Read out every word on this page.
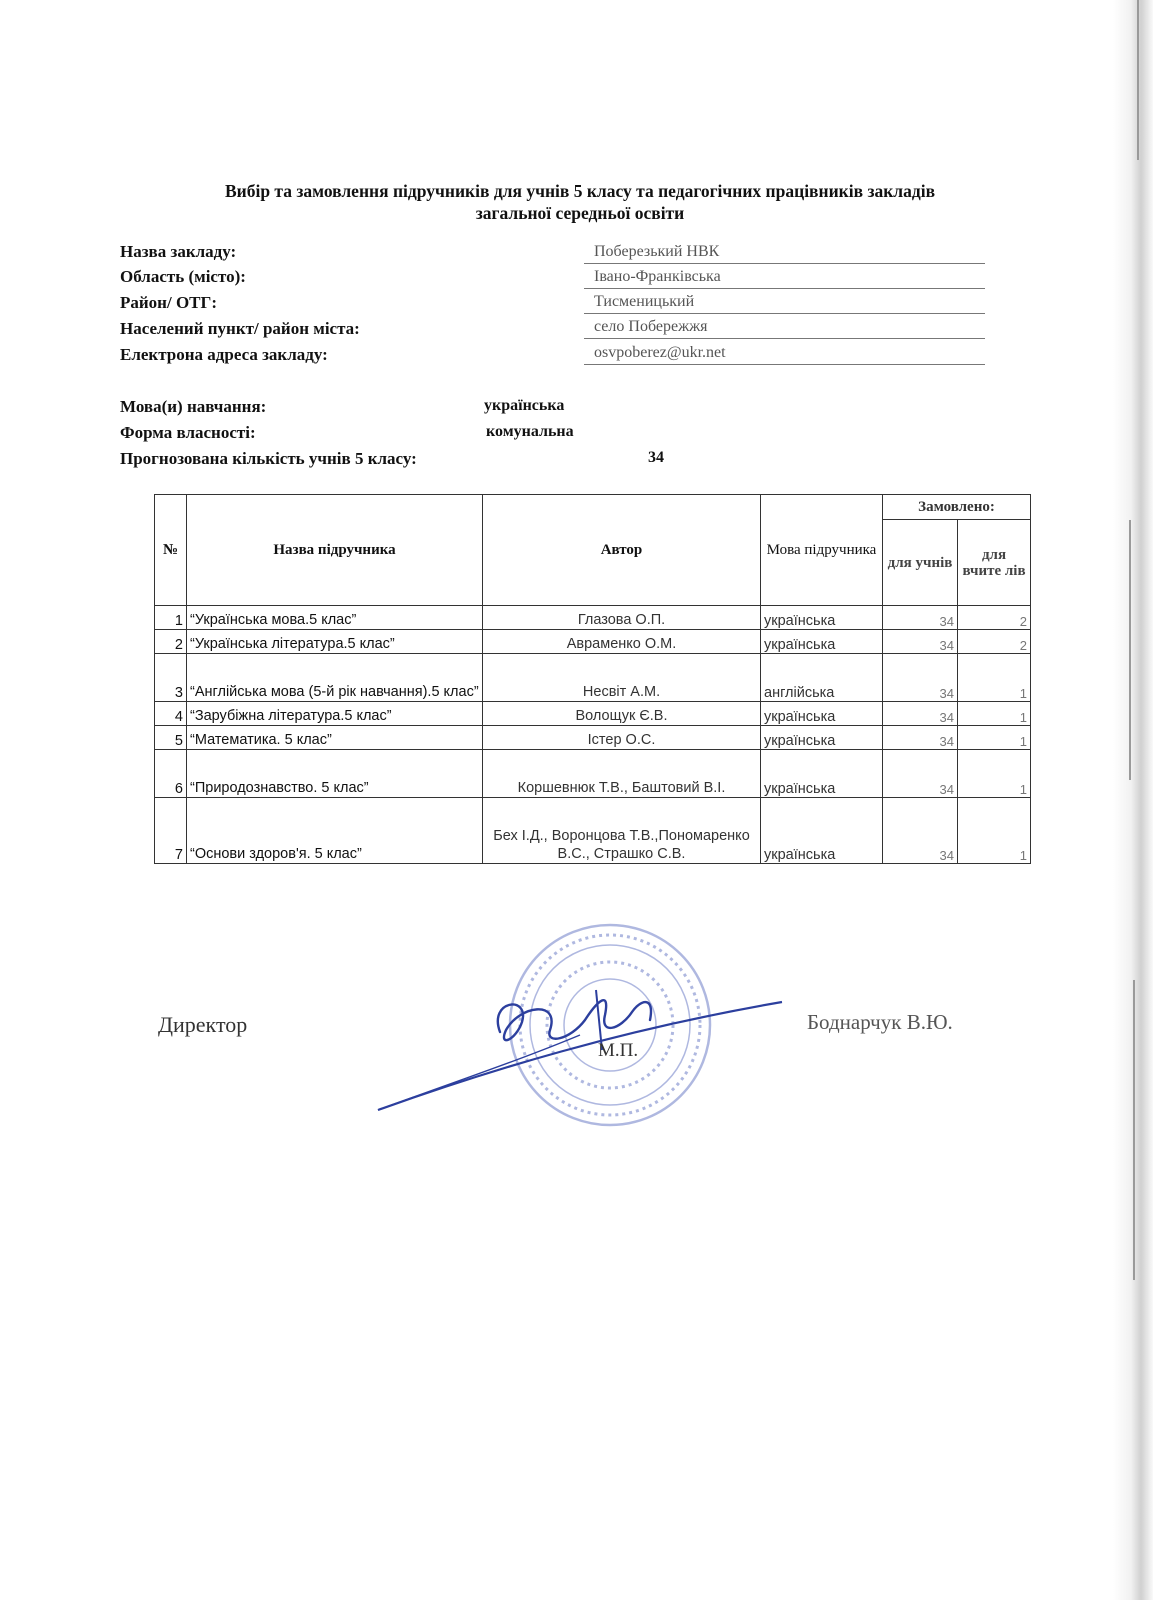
Вибір та замовлення підручників для учнів 5 класу та педагогічних працівників закладів
загальної середньої освіти
Назва закладу:	Поберезький НВК
Область (місто):	Івано-Франківська
Район/ ОТГ:	Тисменицький
Населений пункт/ район міста:	село Побережжя
Електрона адреса закладу:	osvpoberez@ukr.net
Мова(и) навчання:	українська
Форма власності:	комунальна
Прогнозована кількість учнів 5 класу:	34
№	Назва підручника	Автор	Мова підручника	Замовлено:	
				для учнів	для вчите лів
1	“Українська мова.5 клас”	Глазова О.П.	українська	34	2
2	“Українська література.5 клас”	Авраменко О.М.	українська	34	2
3	“Англійська мова (5-й рік навчання).5 клас”	Несвіт А.М.	англійська	34	1
4	“Зарубіжна література.5 клас”	Волощук Є.В.	українська	34	1
5	“Математика. 5 клас”	Істер О.С.	українська	34	1
6	“Природознавство. 5 клас”	Коршевнюк Т.В., Баштовий В.І.	українська	34	1
7	“Основи здоров'я. 5 клас”	Бех І.Д., Воронцова Т.В.,Пономаренко В.С., Страшко С.В.	українська	34	1
Директор
М.П.
Боднарчук В.Ю.
